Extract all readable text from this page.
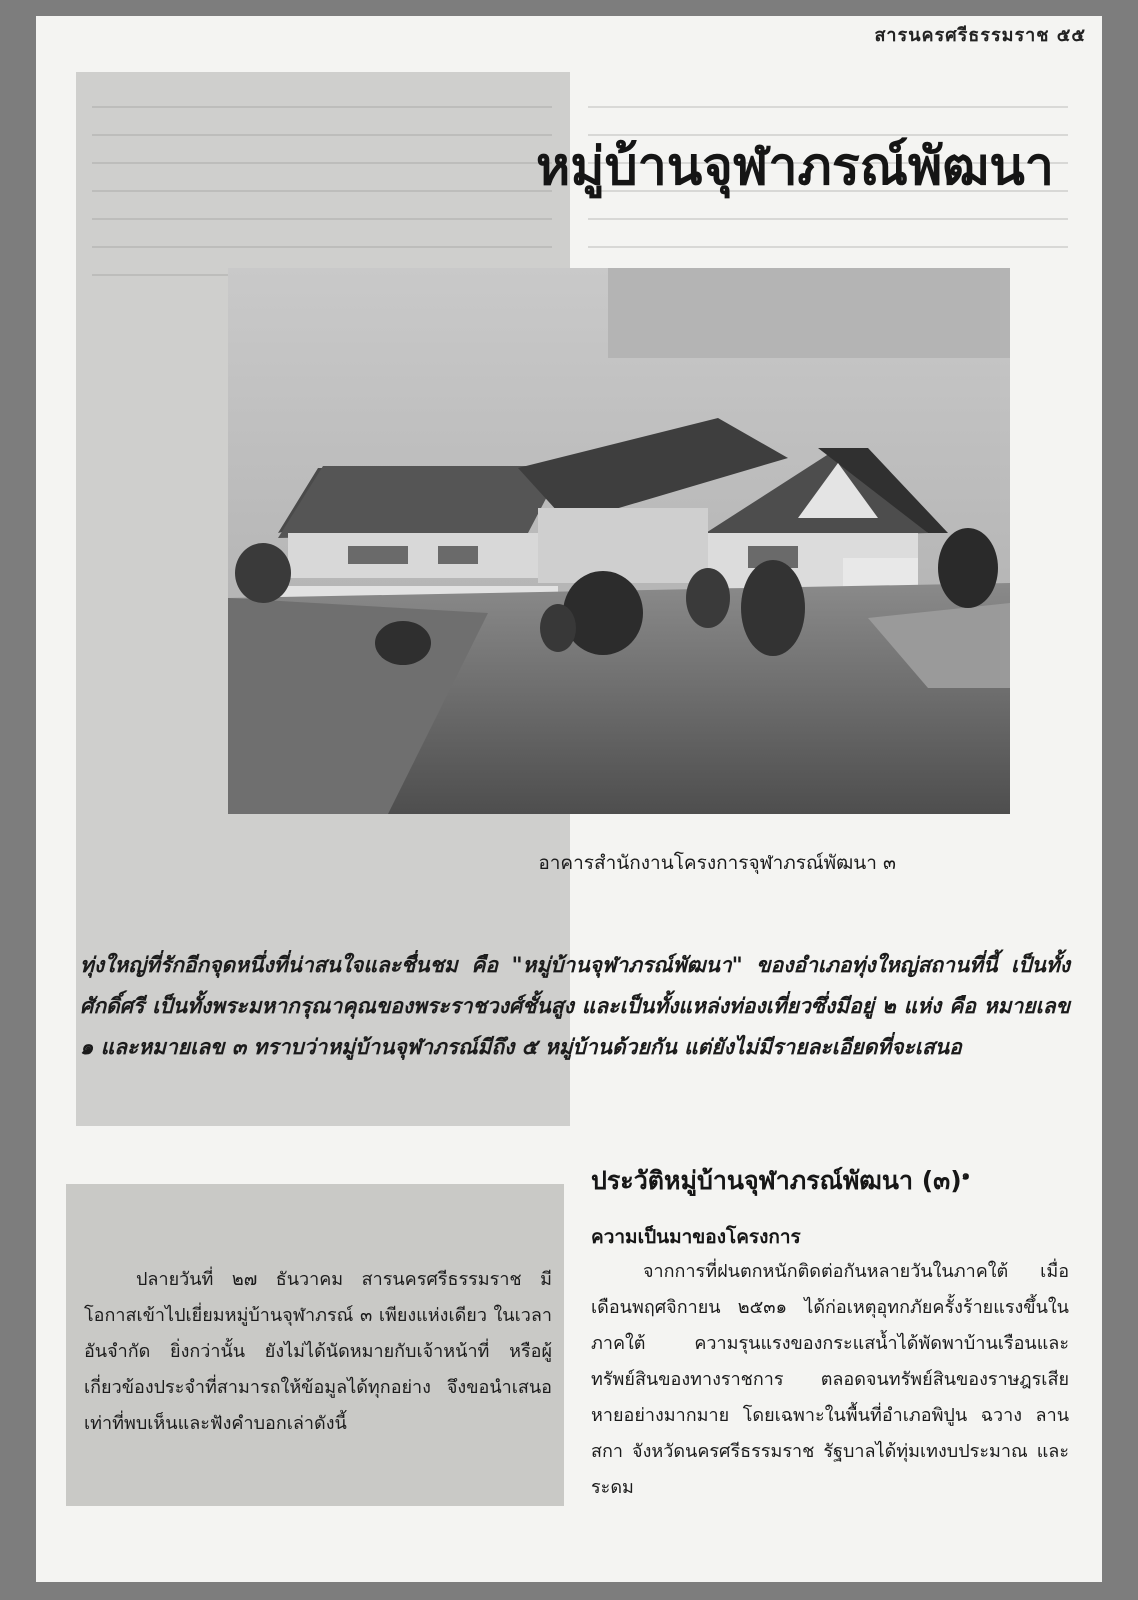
สารนครศรีธรรมราช ๕๕
หมู่บ้านจุฬาภรณ์พัฒนา

อาคารสำนักงานโครงการจุฬาภรณ์พัฒนา ๓

ทุ่งใหญ่ที่รักอีกจุดหนึ่งที่น่าสนใจและชื่นชม คือ "หมู่บ้านจุฬาภรณ์พัฒนา" ของอำเภอทุ่งใหญ่สถานที่นี้ เป็นทั้งศักดิ์ศรี เป็นทั้งพระมหากรุณาคุณของพระราชวงศ์ชั้นสูง และเป็นทั้งแหล่งท่องเที่ยวซึ่งมีอยู่ ๒ แห่ง คือ หมายเลข ๑ และหมายเลข ๓ ทราบว่าหมู่บ้านจุฬาภรณ์มีถึง ๕ หมู่บ้านด้วยกัน แต่ยังไม่มีรายละเอียดที่จะเสนอ

ประวัติหมู่บ้านจุฬาภรณ์พัฒนา (๓)$^๑$
ความเป็นมาของโครงการ

จากการที่ฝนตกหนักติดต่อกันหลายวันในภาคใต้ เมื่อเดือนพฤศจิกายน ๒๕๓๑ ได้ก่อเหตุอุทกภัยครั้งร้ายแรงขึ้นในภาคใต้ ความรุนแรงของกระแสน้ำได้พัดพาบ้านเรือนและทรัพย์สินของทางราชการ ตลอดจนทรัพย์สินของราษฎรเสียหายอย่างมากมาย โดยเฉพาะในพื้นที่อำเภอพิปูน ฉวาง ลานสกา จังหวัดนครศรีธรรมราช รัฐบาลได้ทุ่มเทงบประมาณ และระดม

ปลายวันที่ ๒๗ ธันวาคม สารนครศรีธรรมราช มีโอกาสเข้าไปเยี่ยมหมู่บ้านจุฬาภรณ์ ๓ เพียงแห่งเดียว ในเวลาอันจำกัด ยิ่งกว่านั้น ยังไม่ได้นัดหมายกับเจ้าหน้าที่ หรือผู้เกี่ยวข้องประจำที่สามารถให้ข้อมูลได้ทุกอย่าง จึงขอนำเสนอเท่าที่พบเห็นและฟังคำบอกเล่าดังนี้
